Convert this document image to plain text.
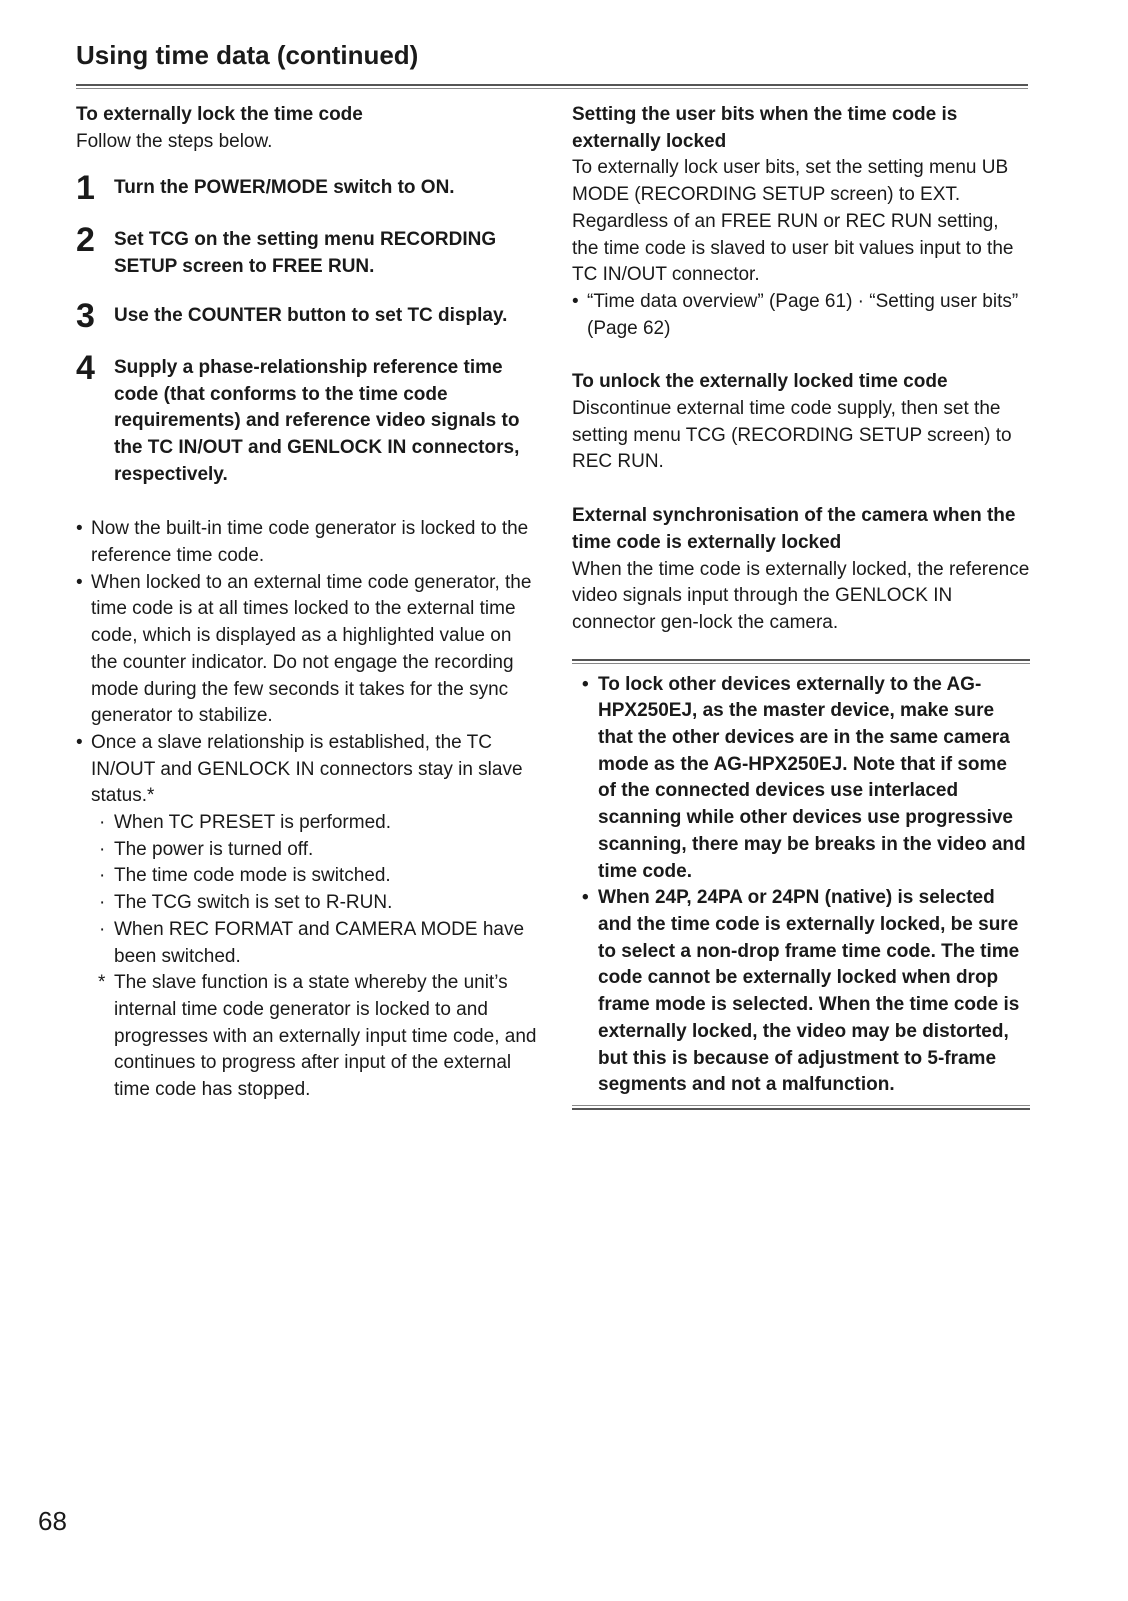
Using time data (continued)

To externally lock the time code

Follow the steps below.

1	Turn the POWER/MODE switch to ON.
2	Set TCG on the setting menu RECORDING SETUP screen to FREE RUN.
3	Use the COUNTER button to set TC display.
4	Supply a phase-relationship reference time code (that conforms to the time code requirements) and reference video signals to the TC IN/OUT and GENLOCK IN connectors, respectively.
• Now the built-in time code generator is locked to the reference time code.
• When locked to an external time code generator, the time code is at all times locked to the external time code, which is displayed as a highlighted value on the counter indicator. Do not engage the recording mode during the few seconds it takes for the sync generator to stabilize.
• Once a slave relationship is established, the TC IN/OUT and GENLOCK IN connectors stay in slave status.*
· When TC PRESET is performed.
· The power is turned off.
· The time code mode is switched.
· The TCG switch is set to R-RUN.
· When REC FORMAT and CAMERA MODE have been switched.
* The slave function is a state whereby the unit’s internal time code generator is locked to and progresses with an externally input time code, and continues to progress after input of the external time code has stopped.

Setting the user bits when the time code is externally locked

To externally lock user bits, set the setting menu UB MODE (RECORDING SETUP screen) to EXT. Regardless of an FREE RUN or REC RUN setting, the time code is slaved to user bit values input to the TC IN/OUT connector.

• “Time data overview” (Page 61) · “Setting user bits” (Page 62)

To unlock the externally locked time code

Discontinue external time code supply, then set the setting menu TCG (RECORDING SETUP screen) to REC RUN.

External synchronisation of the camera when the time code is externally locked

When the time code is externally locked, the reference video signals input through the GENLOCK IN connector gen-lock the camera.

• To lock other devices externally to the AG-HPX250EJ, as the master device, make sure that the other devices are in the same camera mode as the AG-HPX250EJ. Note that if some of the connected devices use interlaced scanning while other devices use progressive scanning, there may be breaks in the video and time code.
• When 24P, 24PA or 24PN (native) is selected and the time code is externally locked, be sure to select a non-drop frame time code. The time code cannot be externally locked when drop frame mode is selected. When the time code is externally locked, the video may be distorted, but this is because of adjustment to 5-frame segments and not a malfunction.
68
